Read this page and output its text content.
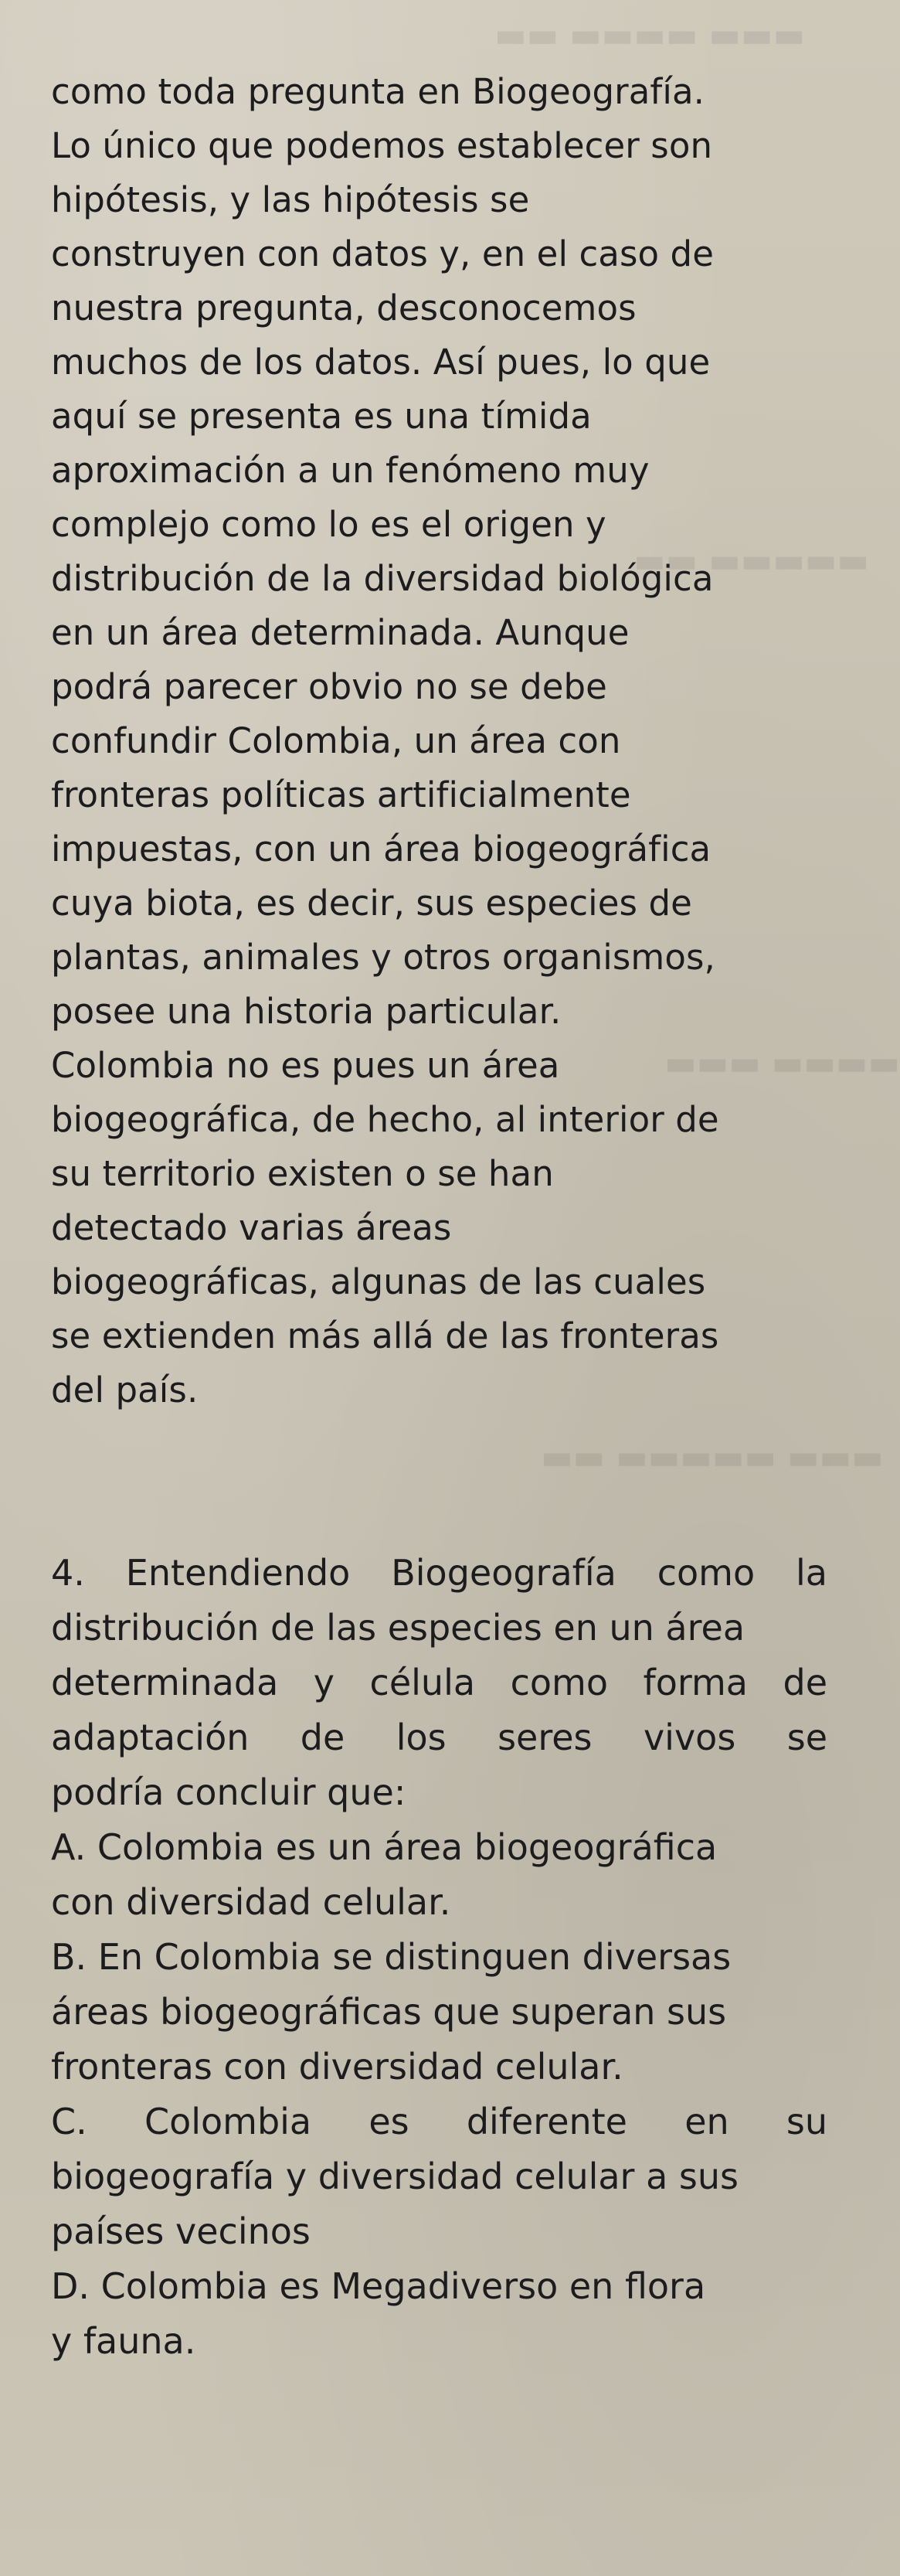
▬▬▬ ▬▬▬▬ ▬▬
▬▬▬▬▬ ▬▬
▬▬▬▬ ▬▬▬
▬▬▬ ▬▬▬▬▬ ▬▬
como toda pregunta en Biogeografía.
Lo único que podemos establecer son
hipótesis, y las hipótesis se
construyen con datos y, en el caso de
nuestra pregunta, desconocemos
muchos de los datos. Así pues, lo que
aquí se presenta es una tímida
aproximación a un fenómeno muy
complejo como lo es el origen y
distribución de la diversidad biológica
en un área determinada. Aunque
podrá parecer obvio no se debe
confundir Colombia, un área con
fronteras políticas artificialmente
impuestas, con un área biogeográfica
cuya biota, es decir, sus especies de
plantas, animales y otros organismos,
posee una historia particular.
Colombia no es pues un área
biogeográfica, de hecho, al interior de
su territorio existen o se han
detectado varias áreas
biogeográficas, algunas de las cuales
se extienden más allá de las fronteras
del país.
4. Entendiendo Biogeografía como la
distribución de las especies en un área
determinada y célula como forma de
adaptación de los seres vivos se
podría concluir que:
A. Colombia es un área biogeográfica
con diversidad celular.
B. En Colombia se distinguen diversas
áreas biogeográficas que superan sus
fronteras con diversidad celular.
C. Colombia es diferente en su
biogeografía y diversidad celular a sus
países vecinos
D. Colombia es Megadiverso en flora
y fauna.
